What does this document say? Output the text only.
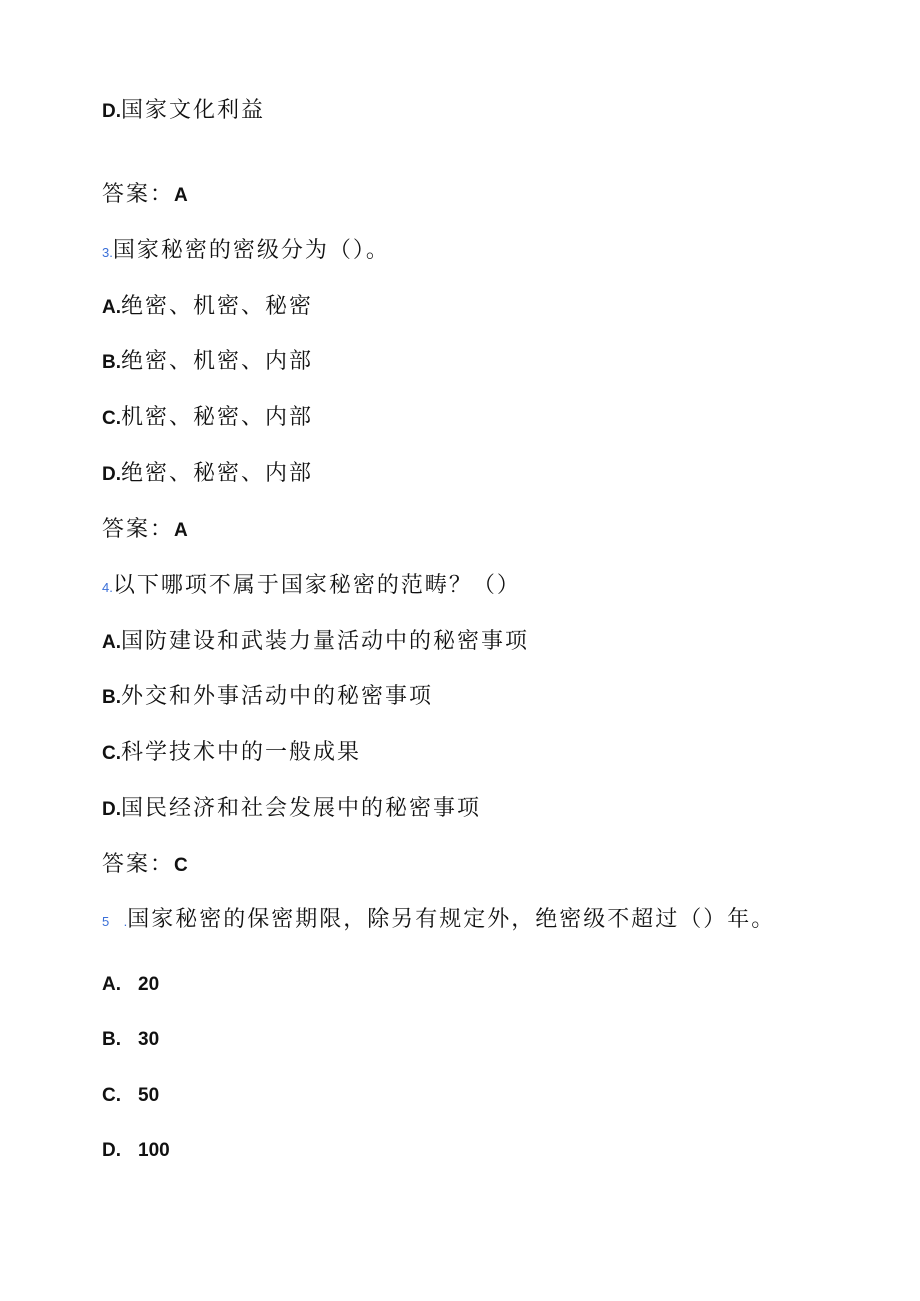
D.国家文化利益
答案：A
3.国家秘密的密级分为（）。
A.绝密、机密、秘密
B.绝密、机密、内部
C.机密、秘密、内部
D.绝密、秘密、内部
答案：A
4.以下哪项不属于国家秘密的范畴？（）
A.国防建设和武装力量活动中的秘密事项
B.外交和外事活动中的秘密事项
C.科学技术中的一般成果
D.国民经济和社会发展中的秘密事项
答案：C
5 .国家秘密的保密期限，除另有规定外，绝密级不超过（）年。
A. 20
B. 30
C. 50
D. 100
